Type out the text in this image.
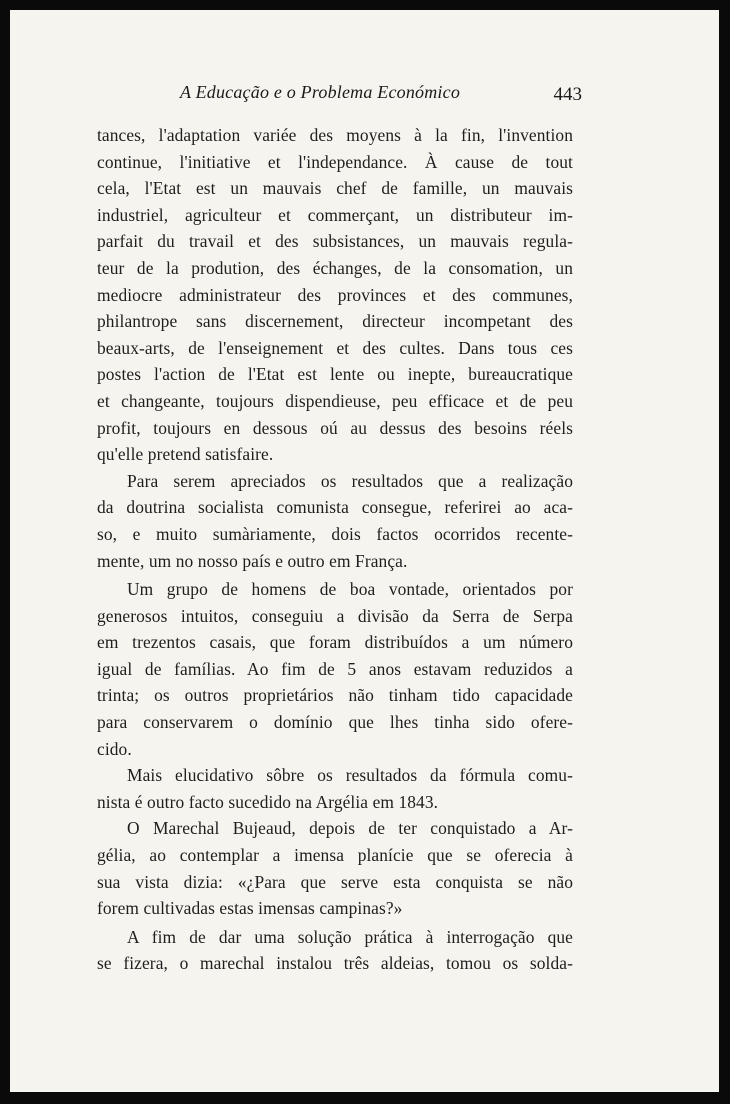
A Educação e o Problema Económico	443
tances, l'adaptation variée des moyens à la fin, l'invention
continue, l'initiative et l'independance. À cause de tout
cela, l'Etat est un mauvais chef de famille, un mauvais
industriel, agriculteur et commerçant, un distributeur im-
parfait du travail et des subsistances, un mauvais regula-
teur de la prodution, des échanges, de la consomation, un
mediocre administrateur des provinces et des communes,
philantrope sans discernement, directeur incompetant des
beaux-arts, de l'enseignement et des cultes. Dans tous ces
postes l'action de l'Etat est lente ou inepte, bureaucratique
et changeante, toujours dispendieuse, peu efficace et de peu
profit, toujours en dessous oú au dessus des besoins réels
qu'elle pretend satisfaire.
Para serem apreciados os resultados que a realização
da doutrina socialista comunista consegue, referirei ao aca-
so, e muito sumàriamente, dois factos ocorridos recente-
mente, um no nosso país e outro em França.
Um grupo de homens de boa vontade, orientados por
generosos intuitos, conseguiu a divisão da Serra de Serpa
em trezentos casais, que foram distribuídos a um número
igual de famílias. Ao fim de 5 anos estavam reduzidos a
trinta; os outros proprietários não tinham tido capacidade
para conservarem o domínio que lhes tinha sido ofere-
cido.
Mais elucidativo sôbre os resultados da fórmula comu-
nista é outro facto sucedido na Argélia em 1843.
O Marechal Bujeaud, depois de ter conquistado a Ar-
gélia, ao contemplar a imensa planície que se oferecia à
sua vista dizia: «¿Para que serve esta conquista se não
forem cultivadas estas imensas campinas?»
A fim de dar uma solução prática à interrogação que
se fizera, o marechal instalou três aldeias, tomou os solda-
